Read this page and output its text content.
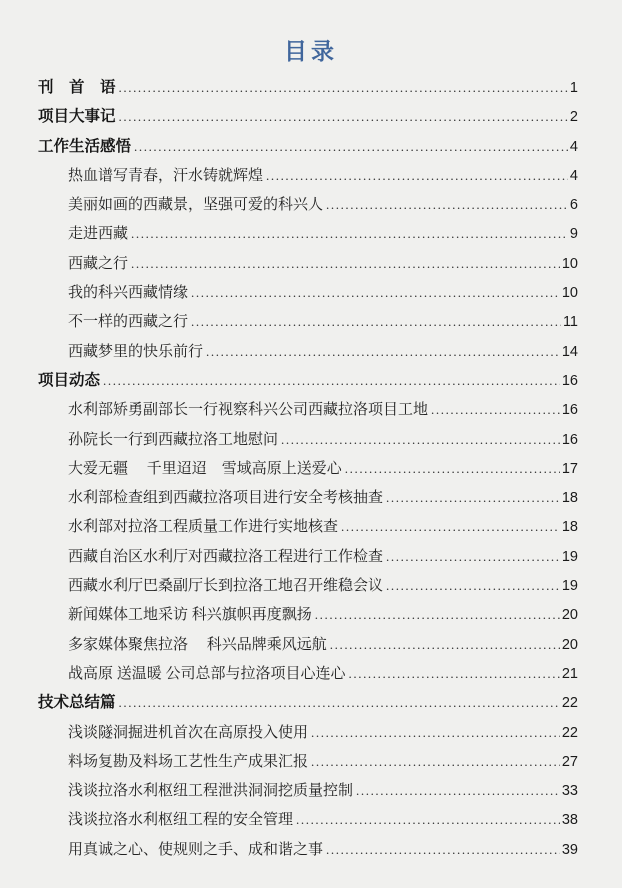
目录
刊　首　语 .....	1
项目大事记 .....	2
工作生活感悟 .....	4
热血谱写青春，汗水铸就辉煌 .....	4
美丽如画的西藏景，坚强可爱的科兴人 .....	6
走进西藏 .....	9
西藏之行 .....	10
我的科兴西藏情缘 .....	10
不一样的西藏之行 .....	11
西藏梦里的快乐前行 .....	14
项目动态 .....	16
水利部矫勇副部长一行视察科兴公司西藏拉洛项目工地 .....	16
孙院长一行到西藏拉洛工地慰问 .....	16
大爱无疆　 千里迢迢　雪域高原上送爱心 .....	17
水利部检查组到西藏拉洛项目进行安全考核抽查 .....	18
水利部对拉洛工程质量工作进行实地核查 .....	18
西藏自治区水利厅对西藏拉洛工程进行工作检查 .....	19
西藏水利厅巴桑副厅长到拉洛工地召开维稳会议 .....	19
新闻媒体工地采访 科兴旗帜再度飘扬 .....	20
多家媒体聚焦拉洛　 科兴品牌乘风远航 .....	20
战高原 送温暖 公司总部与拉洛项目心连心 .....	21
技术总结篇 .....	22
浅谈隧洞掘进机首次在高原投入使用 .....	22
料场复勘及料场工艺性生产成果汇报 .....	27
浅谈拉洛水利枢纽工程泄洪洞洞挖质量控制 .....	33
浅谈拉洛水利枢纽工程的安全管理 .....	38
用真诚之心、使规则之手、成和谐之事 .....	39
